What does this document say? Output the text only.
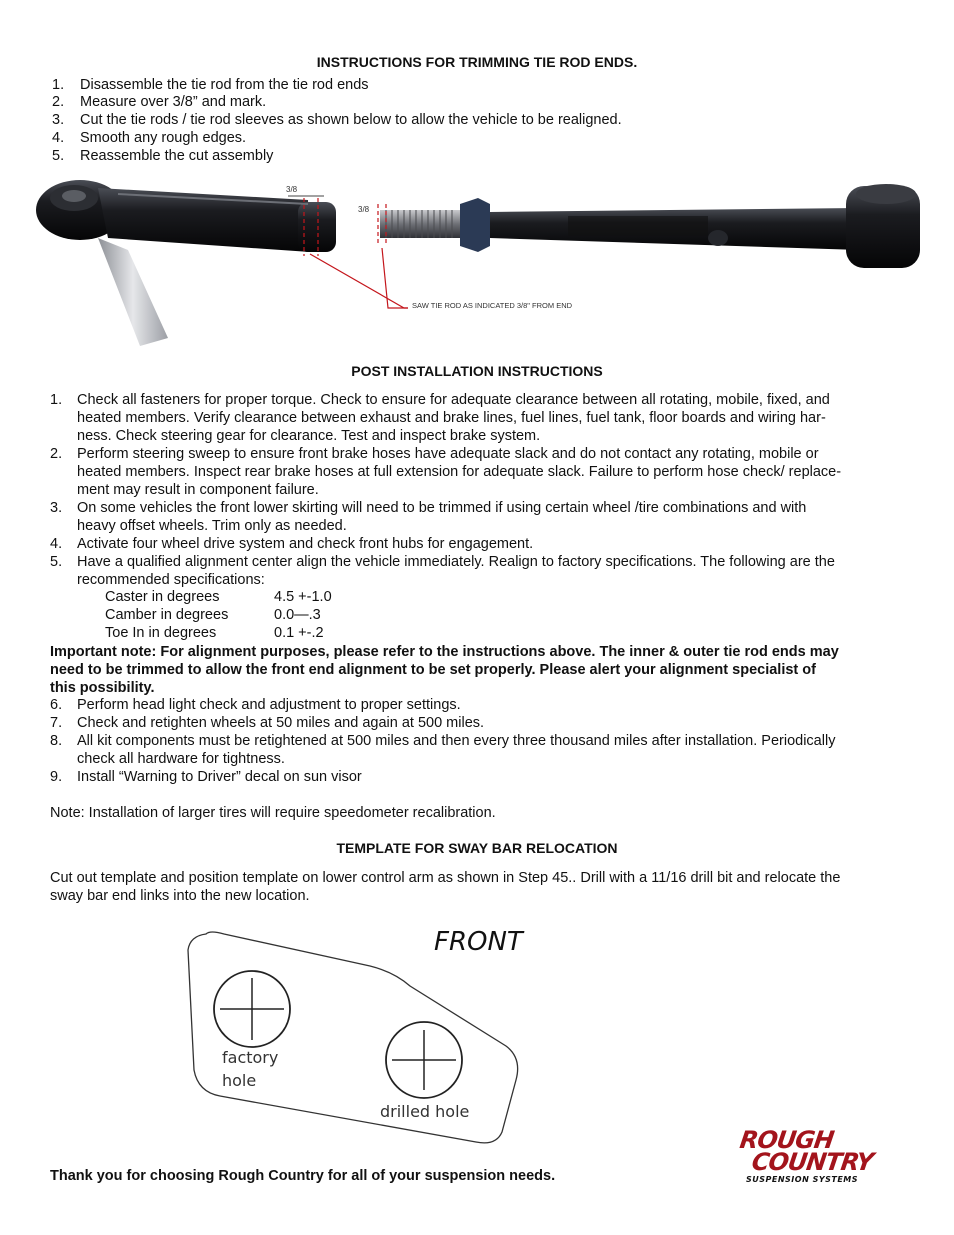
INSTRUCTIONS FOR TRIMMING TIE ROD ENDS.
1. Disassemble the tie rod from the tie rod ends
2. Measure over 3/8” and mark.
3. Cut the tie rods / tie rod sleeves as shown below to allow the vehicle to be realigned.
4. Smooth any rough edges.
5. Reassemble the cut assembly
3/8
3/8
SAW TIE ROD AS INDICATED 3/8" FROM END
POST INSTALLATION INSTRUCTIONS
1. Check all fasteners for proper torque. Check to ensure for adequate clearance between all rotating, mobile, fixed, and
heated members. Verify clearance between exhaust and brake lines, fuel lines, fuel tank, floor boards and wiring har-
ness. Check steering gear for clearance. Test and inspect brake system.
2. Perform steering sweep to ensure front brake hoses have adequate slack and do not contact any rotating, mobile or
heated members. Inspect rear brake hoses at full extension for adequate slack. Failure to perform hose check/ replace-
ment may result in component failure.
3. On some vehicles the front lower skirting will need to be trimmed if using certain wheel /tire combinations and with
heavy offset wheels. Trim only as needed.
4. Activate four wheel drive system and check front hubs for engagement.
5. Have a qualified alignment center align the vehicle immediately. Realign to factory specifications. The following are the
recommended specifications:
Caster in degrees	4.5 +-1.0
Camber in degrees	0.0—.3
Toe In in degrees	0.1 +-.2
Important note: For alignment purposes, please refer to the instructions above. The inner & outer tie rod ends may
need to be trimmed to allow the front end alignment to be set properly. Please alert your alignment specialist of
this possibility.
6. Perform head light check and adjustment to proper settings.
7. Check and retighten wheels at 50 miles and again at 500 miles.
8. All kit components must be retightened at 500 miles and then every three thousand miles after installation. Periodically
check all hardware for tightness.
9. Install “Warning to Driver” decal on sun visor
Note: Installation of larger tires will require speedometer recalibration.
TEMPLATE FOR SWAY BAR RELOCATION
Cut out template and position template on lower control arm as shown in Step 45.. Drill with a 11/16 drill bit and relocate the
sway bar end links into the new location.
FRONT
factory
hole
drilled hole
Thank you for choosing Rough Country for all of your suspension needs.
ROUGH
COUNTRY
SUSPENSION SYSTEMS
